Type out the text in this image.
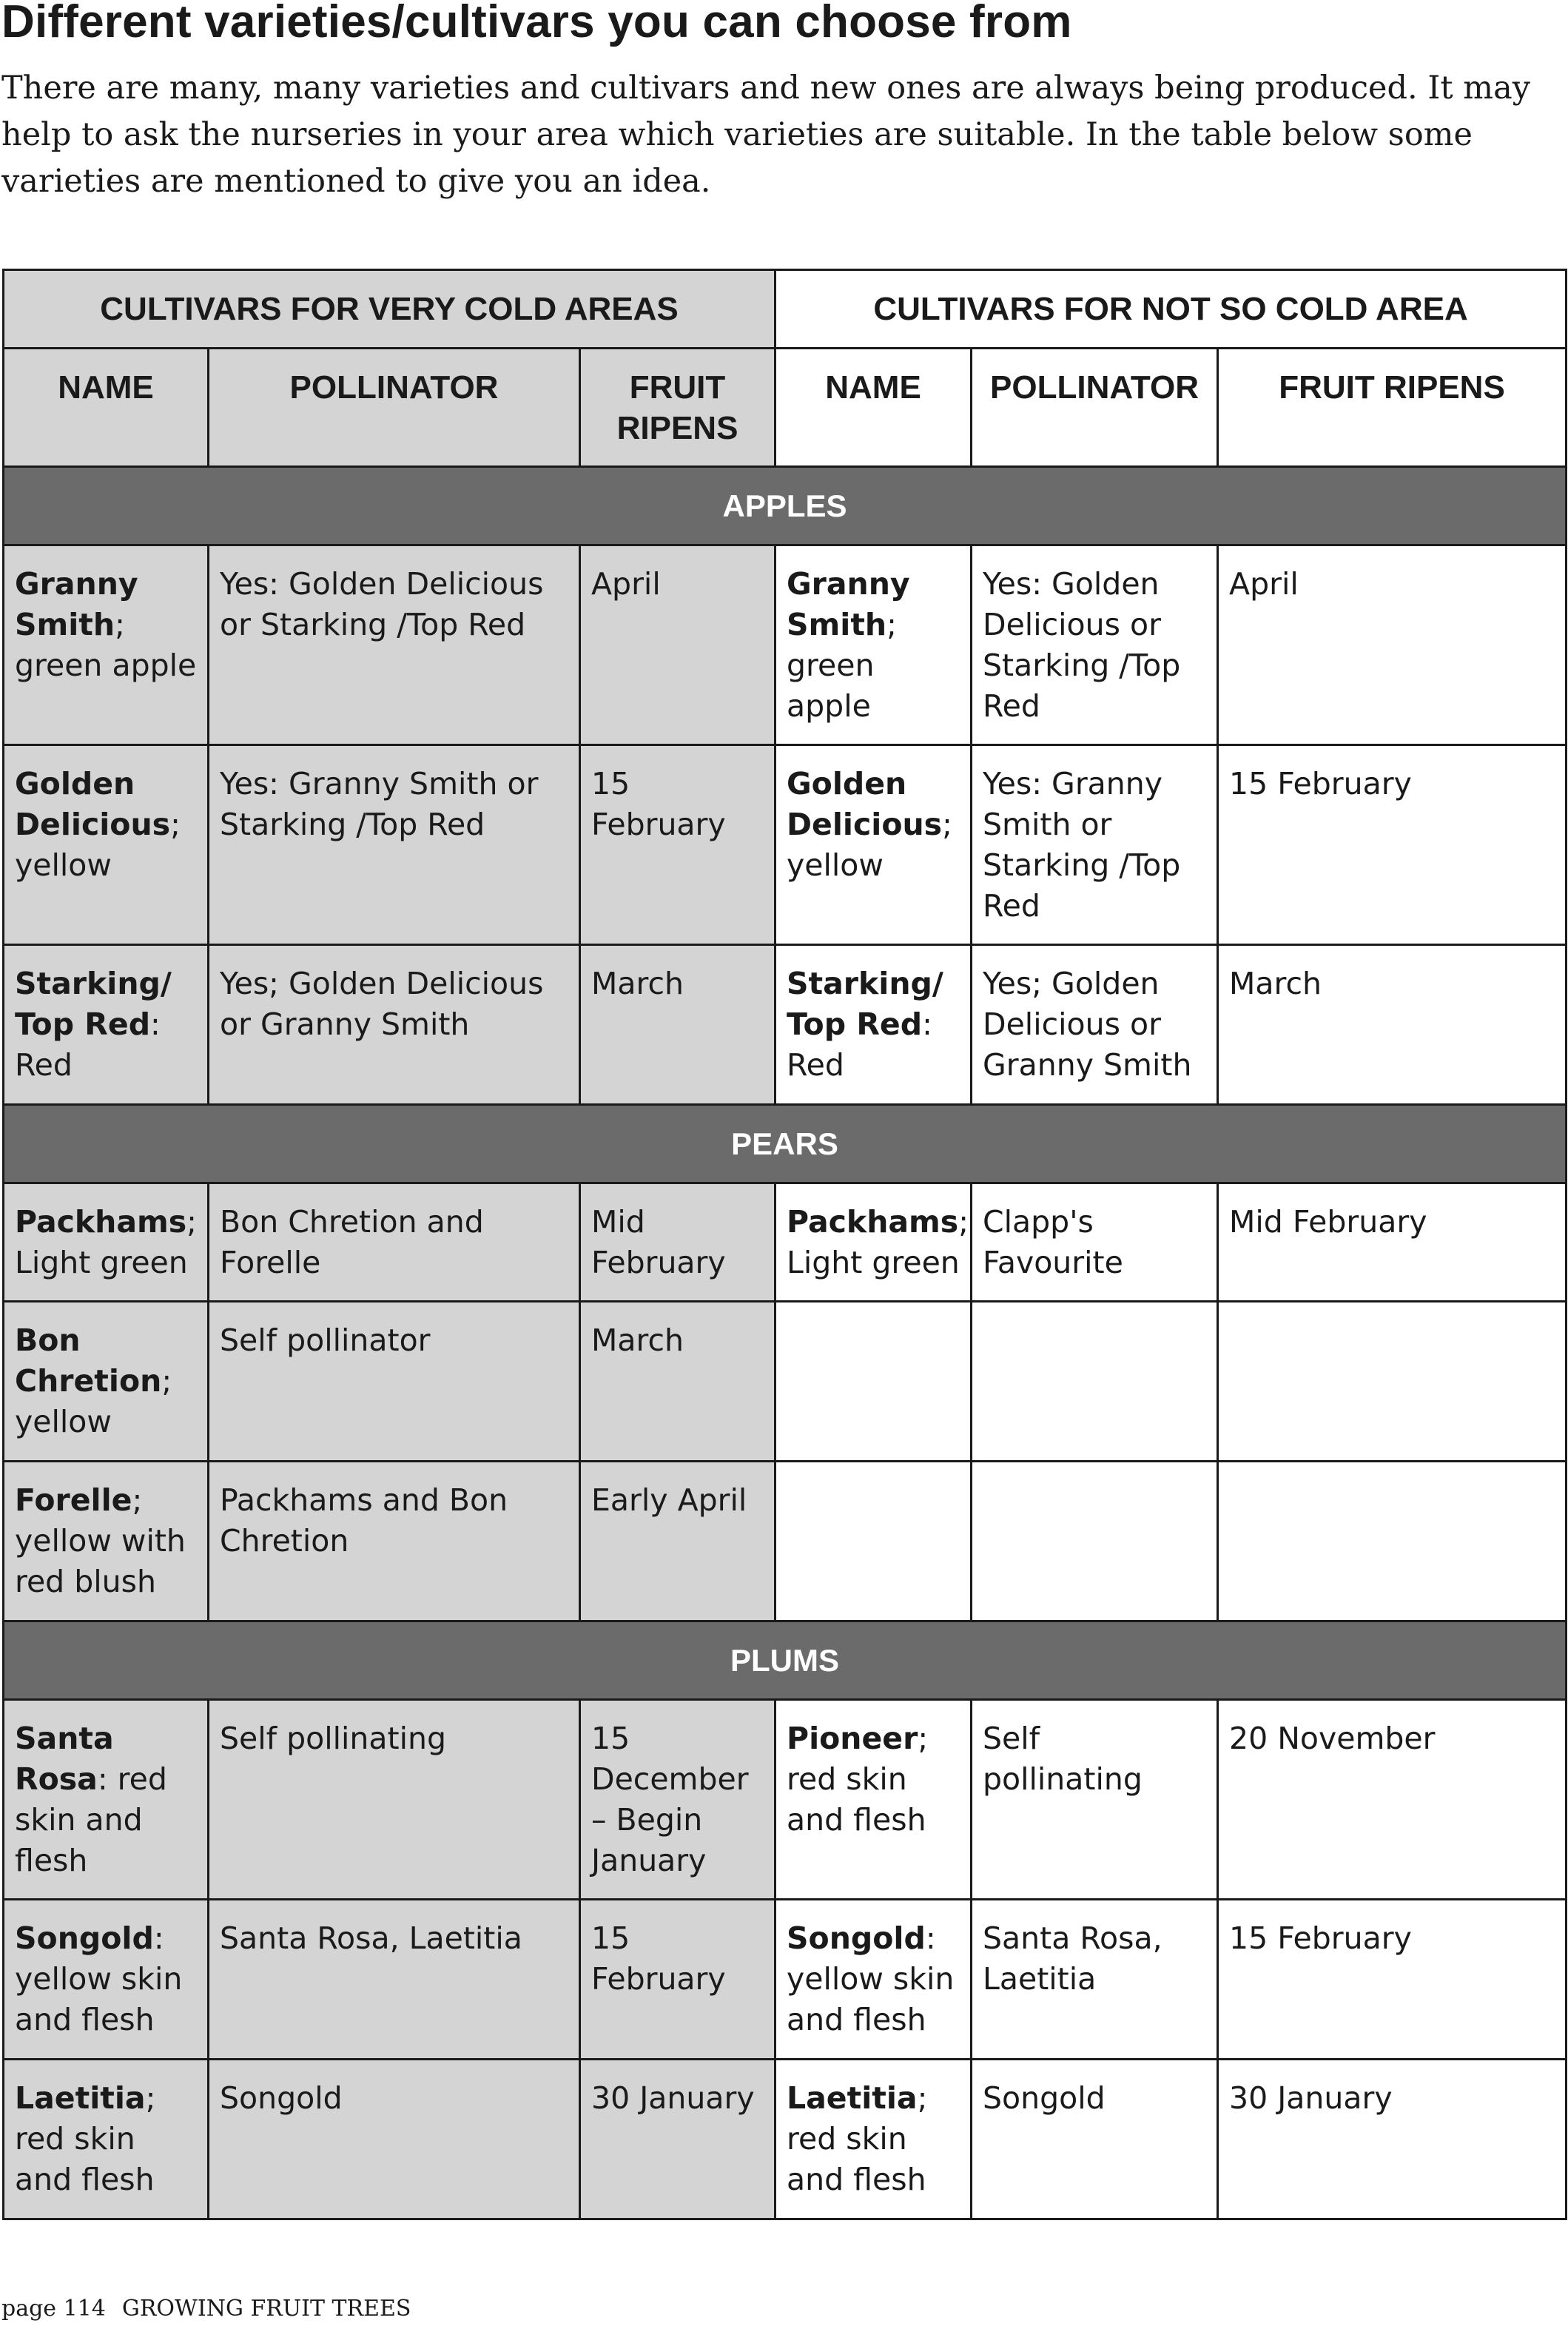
Different varieties/cultivars you can choose from

There are many, many varieties and cultivars and new ones are always being produced. It may help to ask the nurseries in your area which varieties are suitable. In the table below some varieties are mentioned to give you an idea.

CULTIVARS FOR VERY COLD AREAS			CULTIVARS FOR NOT SO COLD AREA		
NAME	POLLINATOR	FRUIT RIPENS	NAME	POLLINATOR	FRUIT RIPENS
APPLES					
Granny Smith; green apple	Yes: Golden Delicious or Starking /Top Red	April	Granny Smith; green apple	Yes: Golden Delicious or Starking /Top Red	April
Golden Delicious; yellow	Yes: Granny Smith or Starking /Top Red	15 February	Golden Delicious; yellow	Yes: Granny Smith or Starking /Top Red	15 February
Starking/ Top Red: Red	Yes; Golden Delicious or Granny Smith	March	Starking/ Top Red: Red	Yes; Golden Delicious or Granny Smith	March
PEARS					
Packhams; Light green	Bon Chretion and Forelle	Mid February	Packhams; Light green	Clapp's Favourite	Mid February
Bon Chretion; yellow	Self pollinator	March			
Forelle; yellow with red blush	Packhams and Bon Chretion	Early April			
PLUMS					
Santa Rosa: red skin and flesh	Self pollinating	15 December – Begin January	Pioneer; red skin and flesh	Self pollinating	20 November
Songold: yellow skin and flesh	Santa Rosa, Laetitia	15 February	Songold: yellow skin and flesh	Santa Rosa, Laetitia	15 February
Laetitia; red skin and flesh	Songold	30 January	Laetitia; red skin and flesh	Songold	30 January

page 114 GROWING FRUIT TREES
